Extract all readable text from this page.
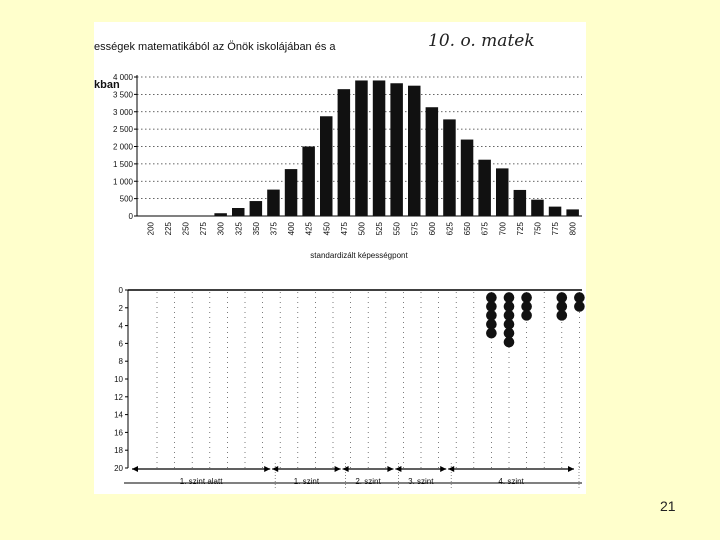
ességek matematikából az Önök iskolájában és a

kban

10. o. matek
0
500
1 000
1 500
2 000
2 500
3 000
3 500
4 000
200 225 250 275 300 325 350 375 400 425 450 475 500 525 550 575 600 625 650 675 700 725 750 775 800
standardizált képességpont
0
2
4
6
8
10
12
14
16
18
20
1. szint alatt	1. szint	2. szint	3. szint	4. szint
21
